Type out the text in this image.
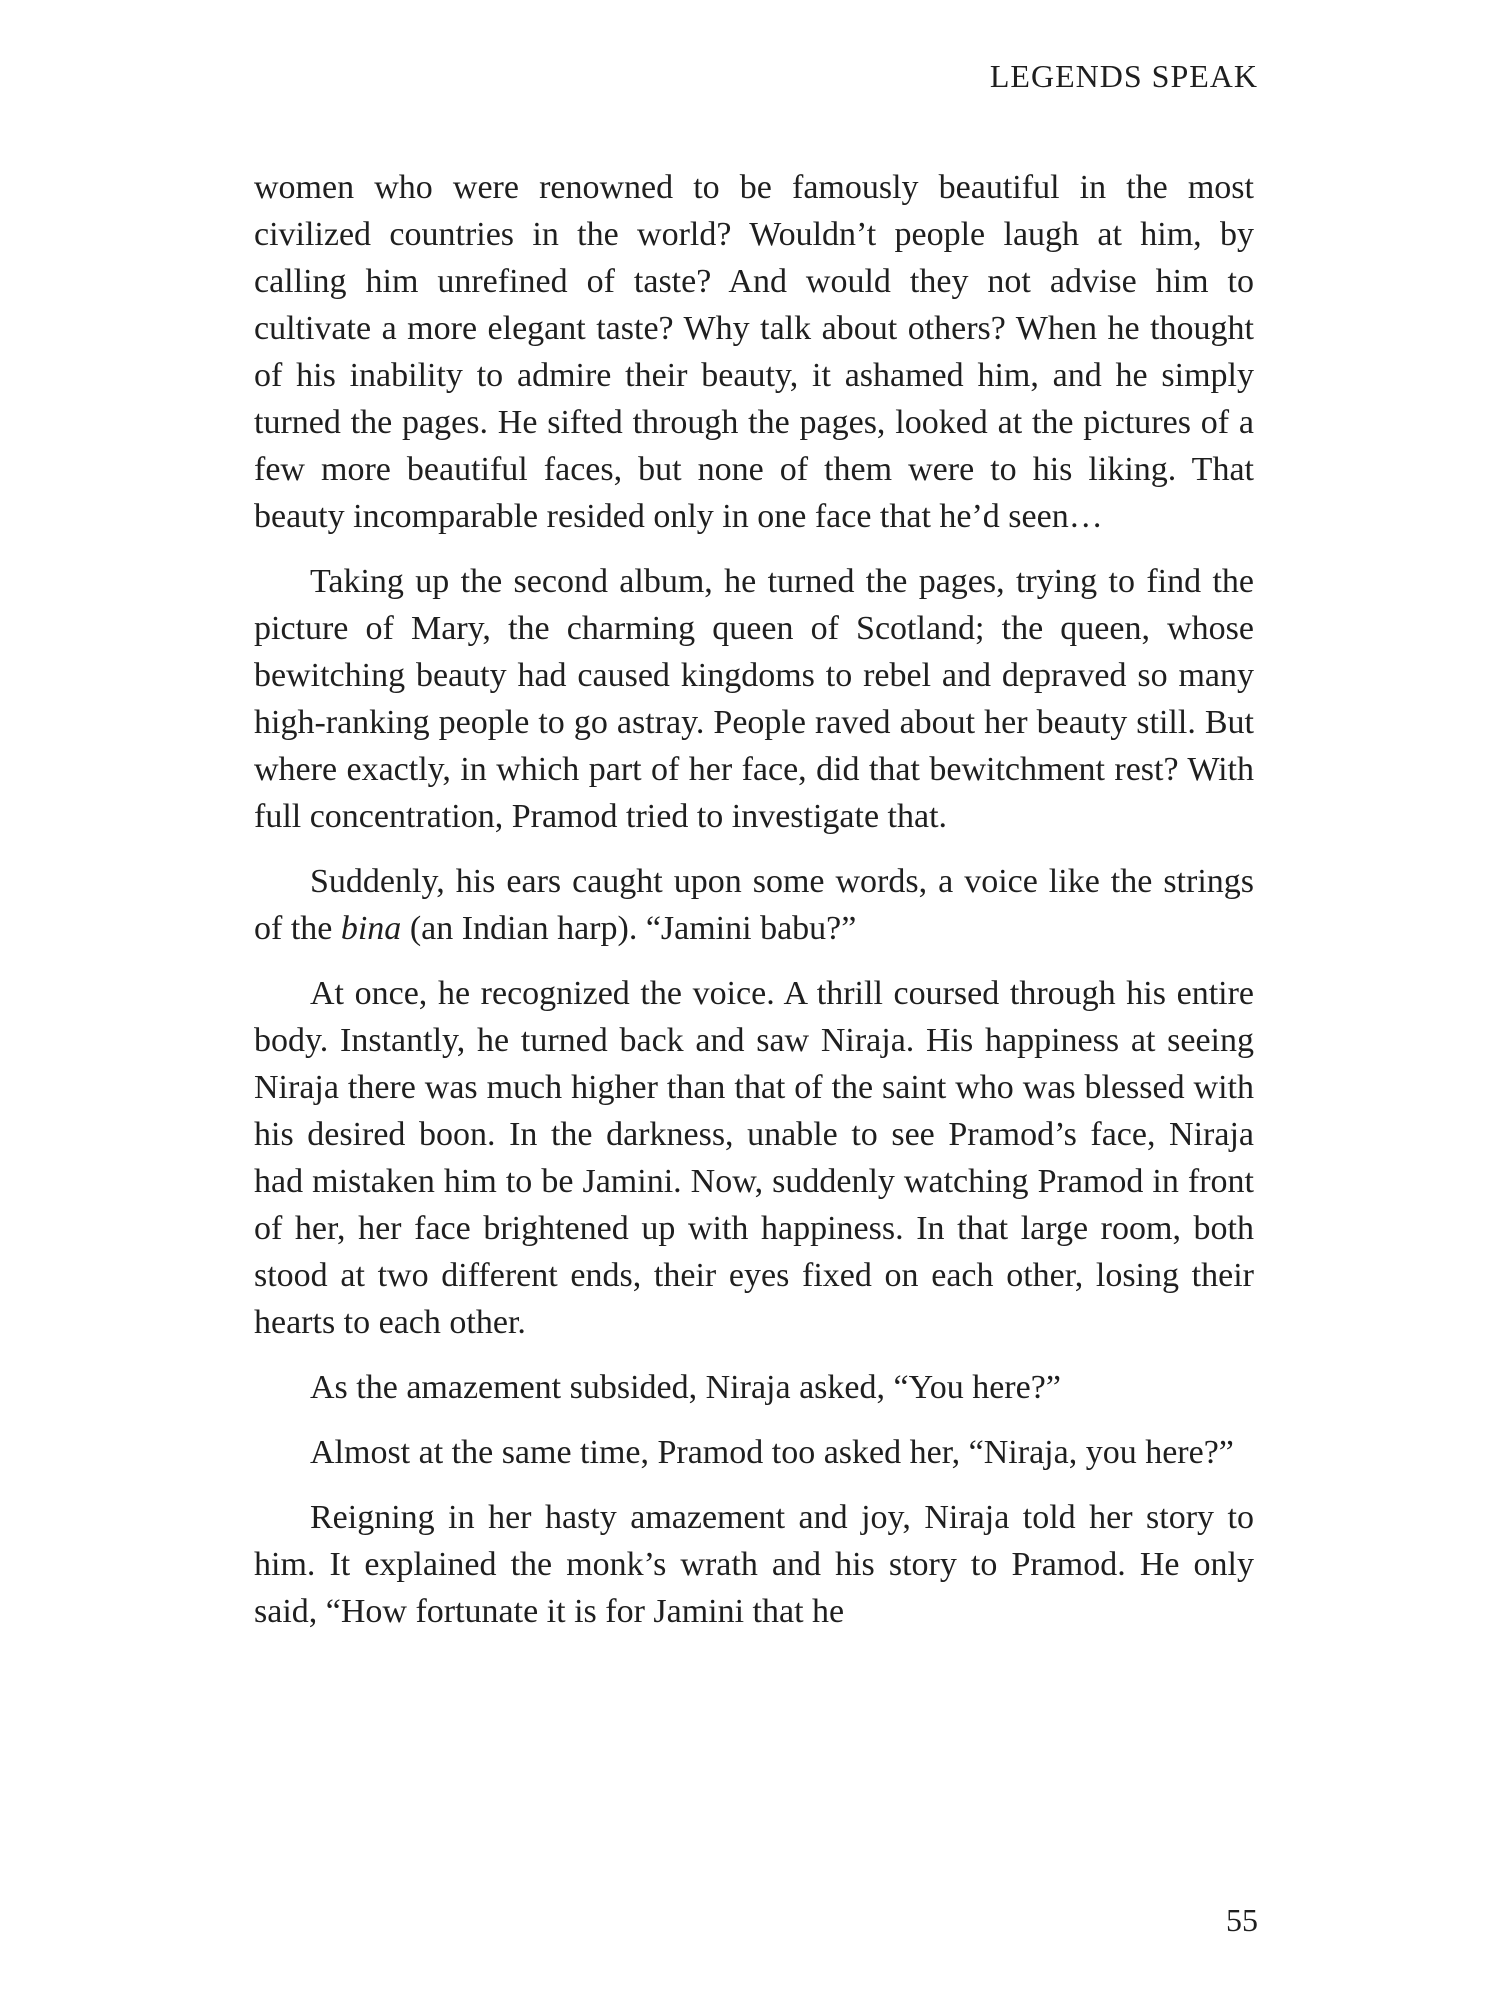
LEGENDS SPEAK

women who were renowned to be famously beautiful in the most civilized countries in the world? Wouldn’t people laugh at him, by calling him unrefined of taste? And would they not advise him to cultivate a more elegant taste? Why talk about others? When he thought of his inability to admire their beauty, it ashamed him, and he simply turned the pages. He sifted through the pages, looked at the pictures of a few more beautiful faces, but none of them were to his liking. That beauty incomparable resided only in one face that he’d seen…

Taking up the second album, he turned the pages, trying to find the picture of Mary, the charming queen of Scotland; the queen, whose bewitching beauty had caused kingdoms to rebel and depraved so many high-ranking people to go astray. People raved about her beauty still. But where exactly, in which part of her face, did that bewitchment rest? With full concentration, Pramod tried to investigate that.

Suddenly, his ears caught upon some words, a voice like the strings of the bina (an Indian harp). “Jamini babu?”

At once, he recognized the voice. A thrill coursed through his entire body. Instantly, he turned back and saw Niraja. His happiness at seeing Niraja there was much higher than that of the saint who was blessed with his desired boon. In the darkness, unable to see Pramod’s face, Niraja had mistaken him to be Jamini. Now, suddenly watching Pramod in front of her, her face brightened up with happiness. In that large room, both stood at two different ends, their eyes fixed on each other, losing their hearts to each other.

As the amazement subsided, Niraja asked, “You here?”

Almost at the same time, Pramod too asked her, “Niraja, you here?”

Reigning in her hasty amazement and joy, Niraja told her story to him. It explained the monk’s wrath and his story to Pramod. He only said, “How fortunate it is for Jamini that he

55
